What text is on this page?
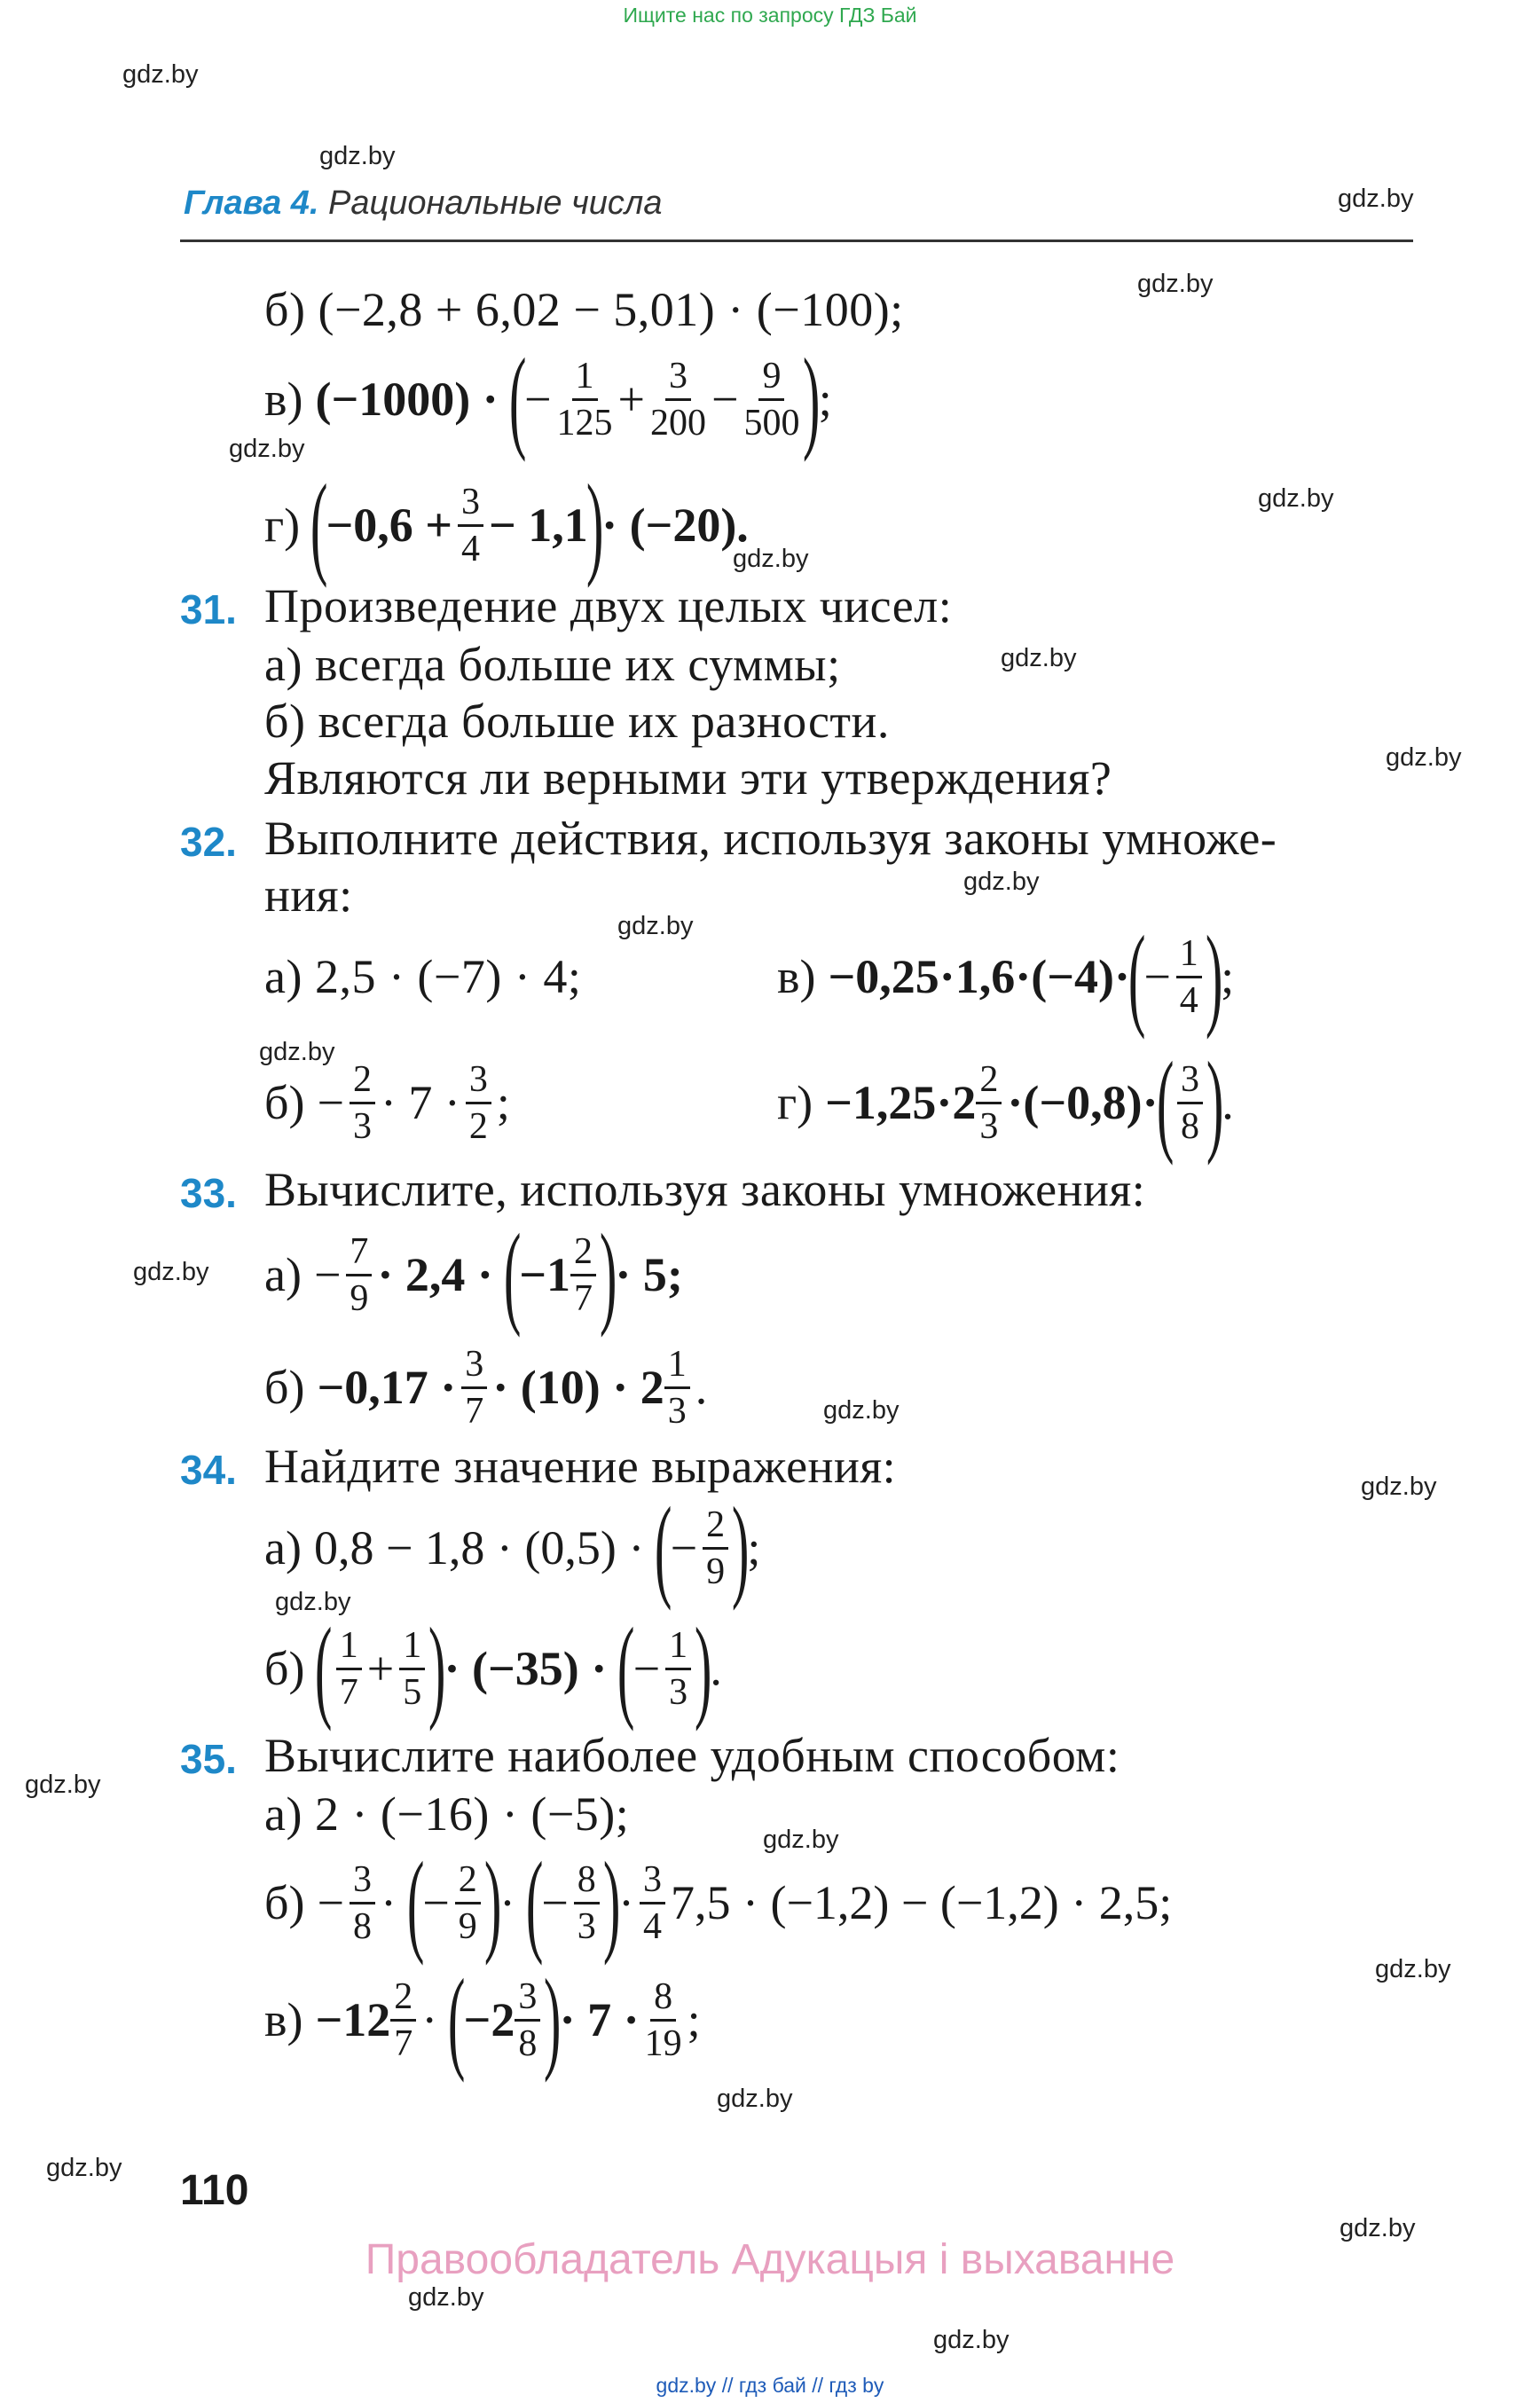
Ищите нас по запросу ГДЗ Бай
gdz.by
gdz.by
gdz.by
gdz.by
gdz.by
gdz.by
gdz.by
gdz.by
gdz.by
gdz.by
gdz.by
gdz.by
gdz.by
gdz.by
gdz.by
gdz.by
gdz.by
gdz.by
gdz.by
gdz.by
gdz.by
gdz.by
gdz.by
gdz.by
Глава 4. Рациональные числа
б) (−2,8 + 6,02 − 5,01) · (−100);
в) (−1000) · (
− $\frac{1}{125} + \frac{3}{200} - \frac{9}{500}$ )
;
г) (
$-0,6 + \frac{3}{4} - 1,1$
)
· (−20).
31. Произведение двух целых чисел:
а) всегда больше их суммы;
б) всегда больше их разности.
Являются ли верными эти утверждения?
32. Выполните действия, используя законы умноже-
ния:
а) 2,5 · (−7) · 4;	в) −0,25·1,6·(−4)·
(
− $\frac{1}{4}$ )
;
$б) - \frac{2}{3} \cdot 7 \cdot \frac{3}{2}$ ;	$г) -1,25\cdot 2 \frac{2}{3} \cdot(-0,8)\cdot$
( $\frac{3}{8}$ )
.
33. Вычислите, используя законы умножения:
$а) - \frac{7}{9} \cdot 2,4$ · (
$-1 \frac{2}{7}$ )
· 5;
$б) -0,17 \cdot \frac{3}{7} \cdot (10) \cdot 2 \frac{1}{3}$ .
34. Найдите значение выражения:
а) 0,8 − 1,8 · (0,5) · (
− $\frac{2}{9}$ )
;
б) ( $\frac{1}{7} + \frac{1}{5}$ )
· (−35) · (
− $\frac{1}{3}$ )
.
35. Вычислите наиболее удобным способом:
а) 2 · (−16) · (−5);
$б) - \frac{3}{8}$ · (
− $\frac{2}{9}$ )
· (
− $\frac{8}{3}$ )
· $\frac{3}{4} 7,5 \cdot (-1,2) - (-1,2) \cdot 2,5$;
$в) -12 \frac{2}{7}$ · (
$-2 \frac{3}{8}$ )
· $7 \cdot \frac{8}{19}$ ;
110
Правообладатель Адукацыя і выхаванне
gdz.by // гдз бай // гдз by
